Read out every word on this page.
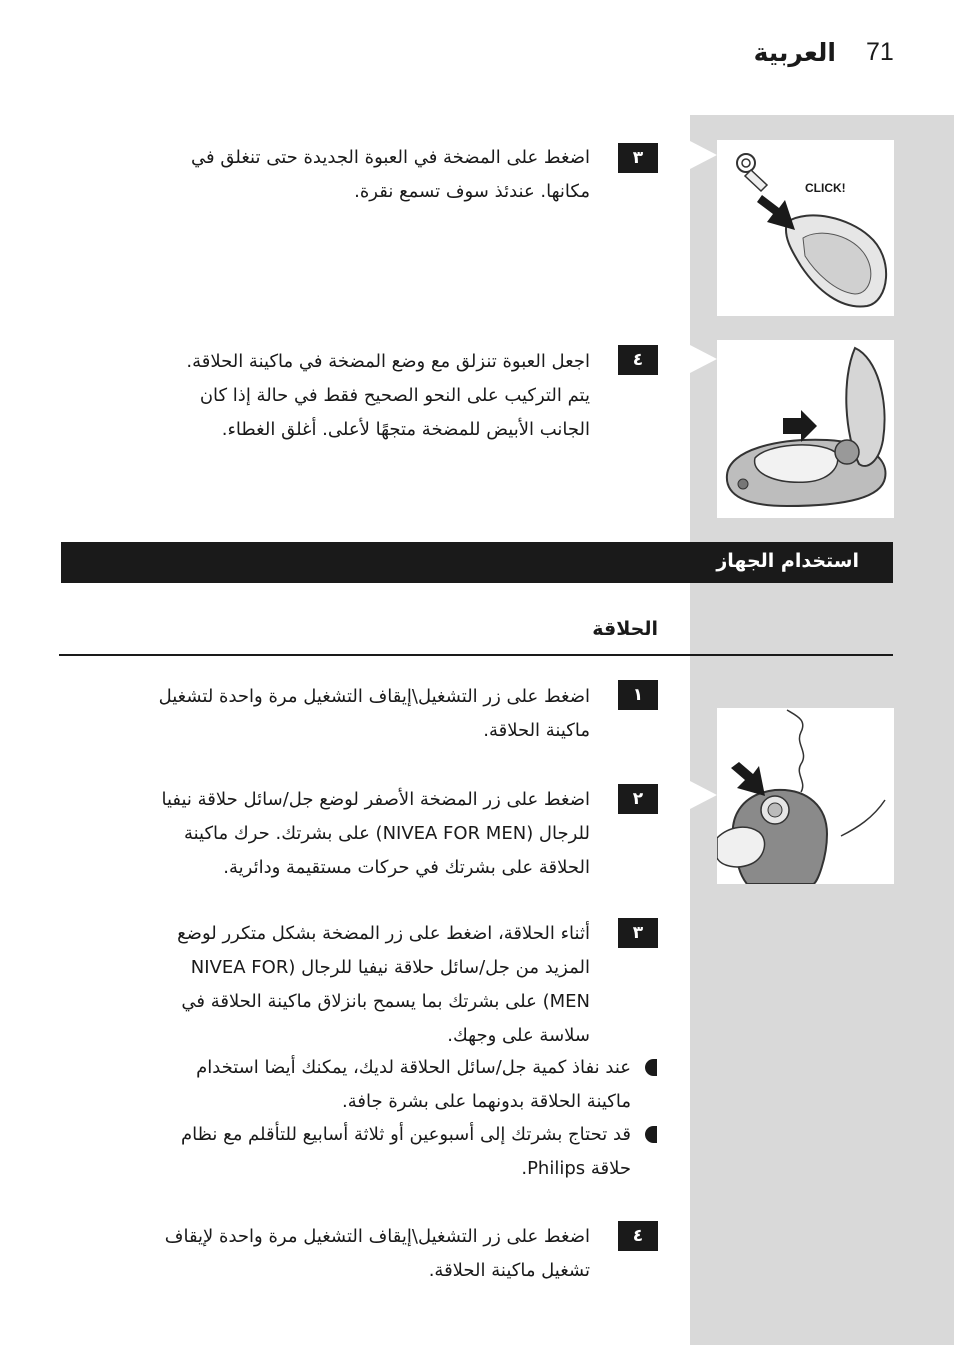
العربية 71
٣

اضغط على المضخة في العبوة الجديدة حتى تنغلق في
مكانها. عندئذ سوف تسمع نقرة.	CLICK!
٤

اجعل العبوة تنزلق مع وضع المضخة في ماكينة الحلاقة.
يتم التركيب على النحو الصحيح فقط في حالة إذا كان
الجانب الأبيض للمضخة متجهًا لأعلى. أغلق الغطاء.

استخدام الجهاز
الحلاقة
١

اضغط على زر التشغيل\إيقاف التشغيل مرة واحدة لتشغيل
ماكينة الحلاقة.

٢

اضغط على زر المضخة الأصفر لوضع جل/سائل حلاقة نيفيا
للرجال (NIVEA FOR MEN) على بشرتك. حرك ماكينة
الحلاقة على بشرتك في حركات مستقيمة ودائرية.

٣

أثناء الحلاقة، اضغط على زر المضخة بشكل متكرر لوضع
المزيد من جل/سائل حلاقة نيفيا للرجال (NIVEA FOR
MEN) على بشرتك بما يسمح بانزلاق ماكينة الحلاقة في
سلاسة على وجهك.

عند نفاذ كمية جل/سائل الحلاقة لديك، يمكنك أيضا استخدام
ماكينة الحلاقة بدونهما على بشرة جافة.

قد تحتاج بشرتك إلى أسبوعين أو ثلاثة أسابيع للتأقلم مع نظام
حلاقة Philips.

٤

اضغط على زر التشغيل\إيقاف التشغيل مرة واحدة لإيقاف
تشغيل ماكينة الحلاقة.
